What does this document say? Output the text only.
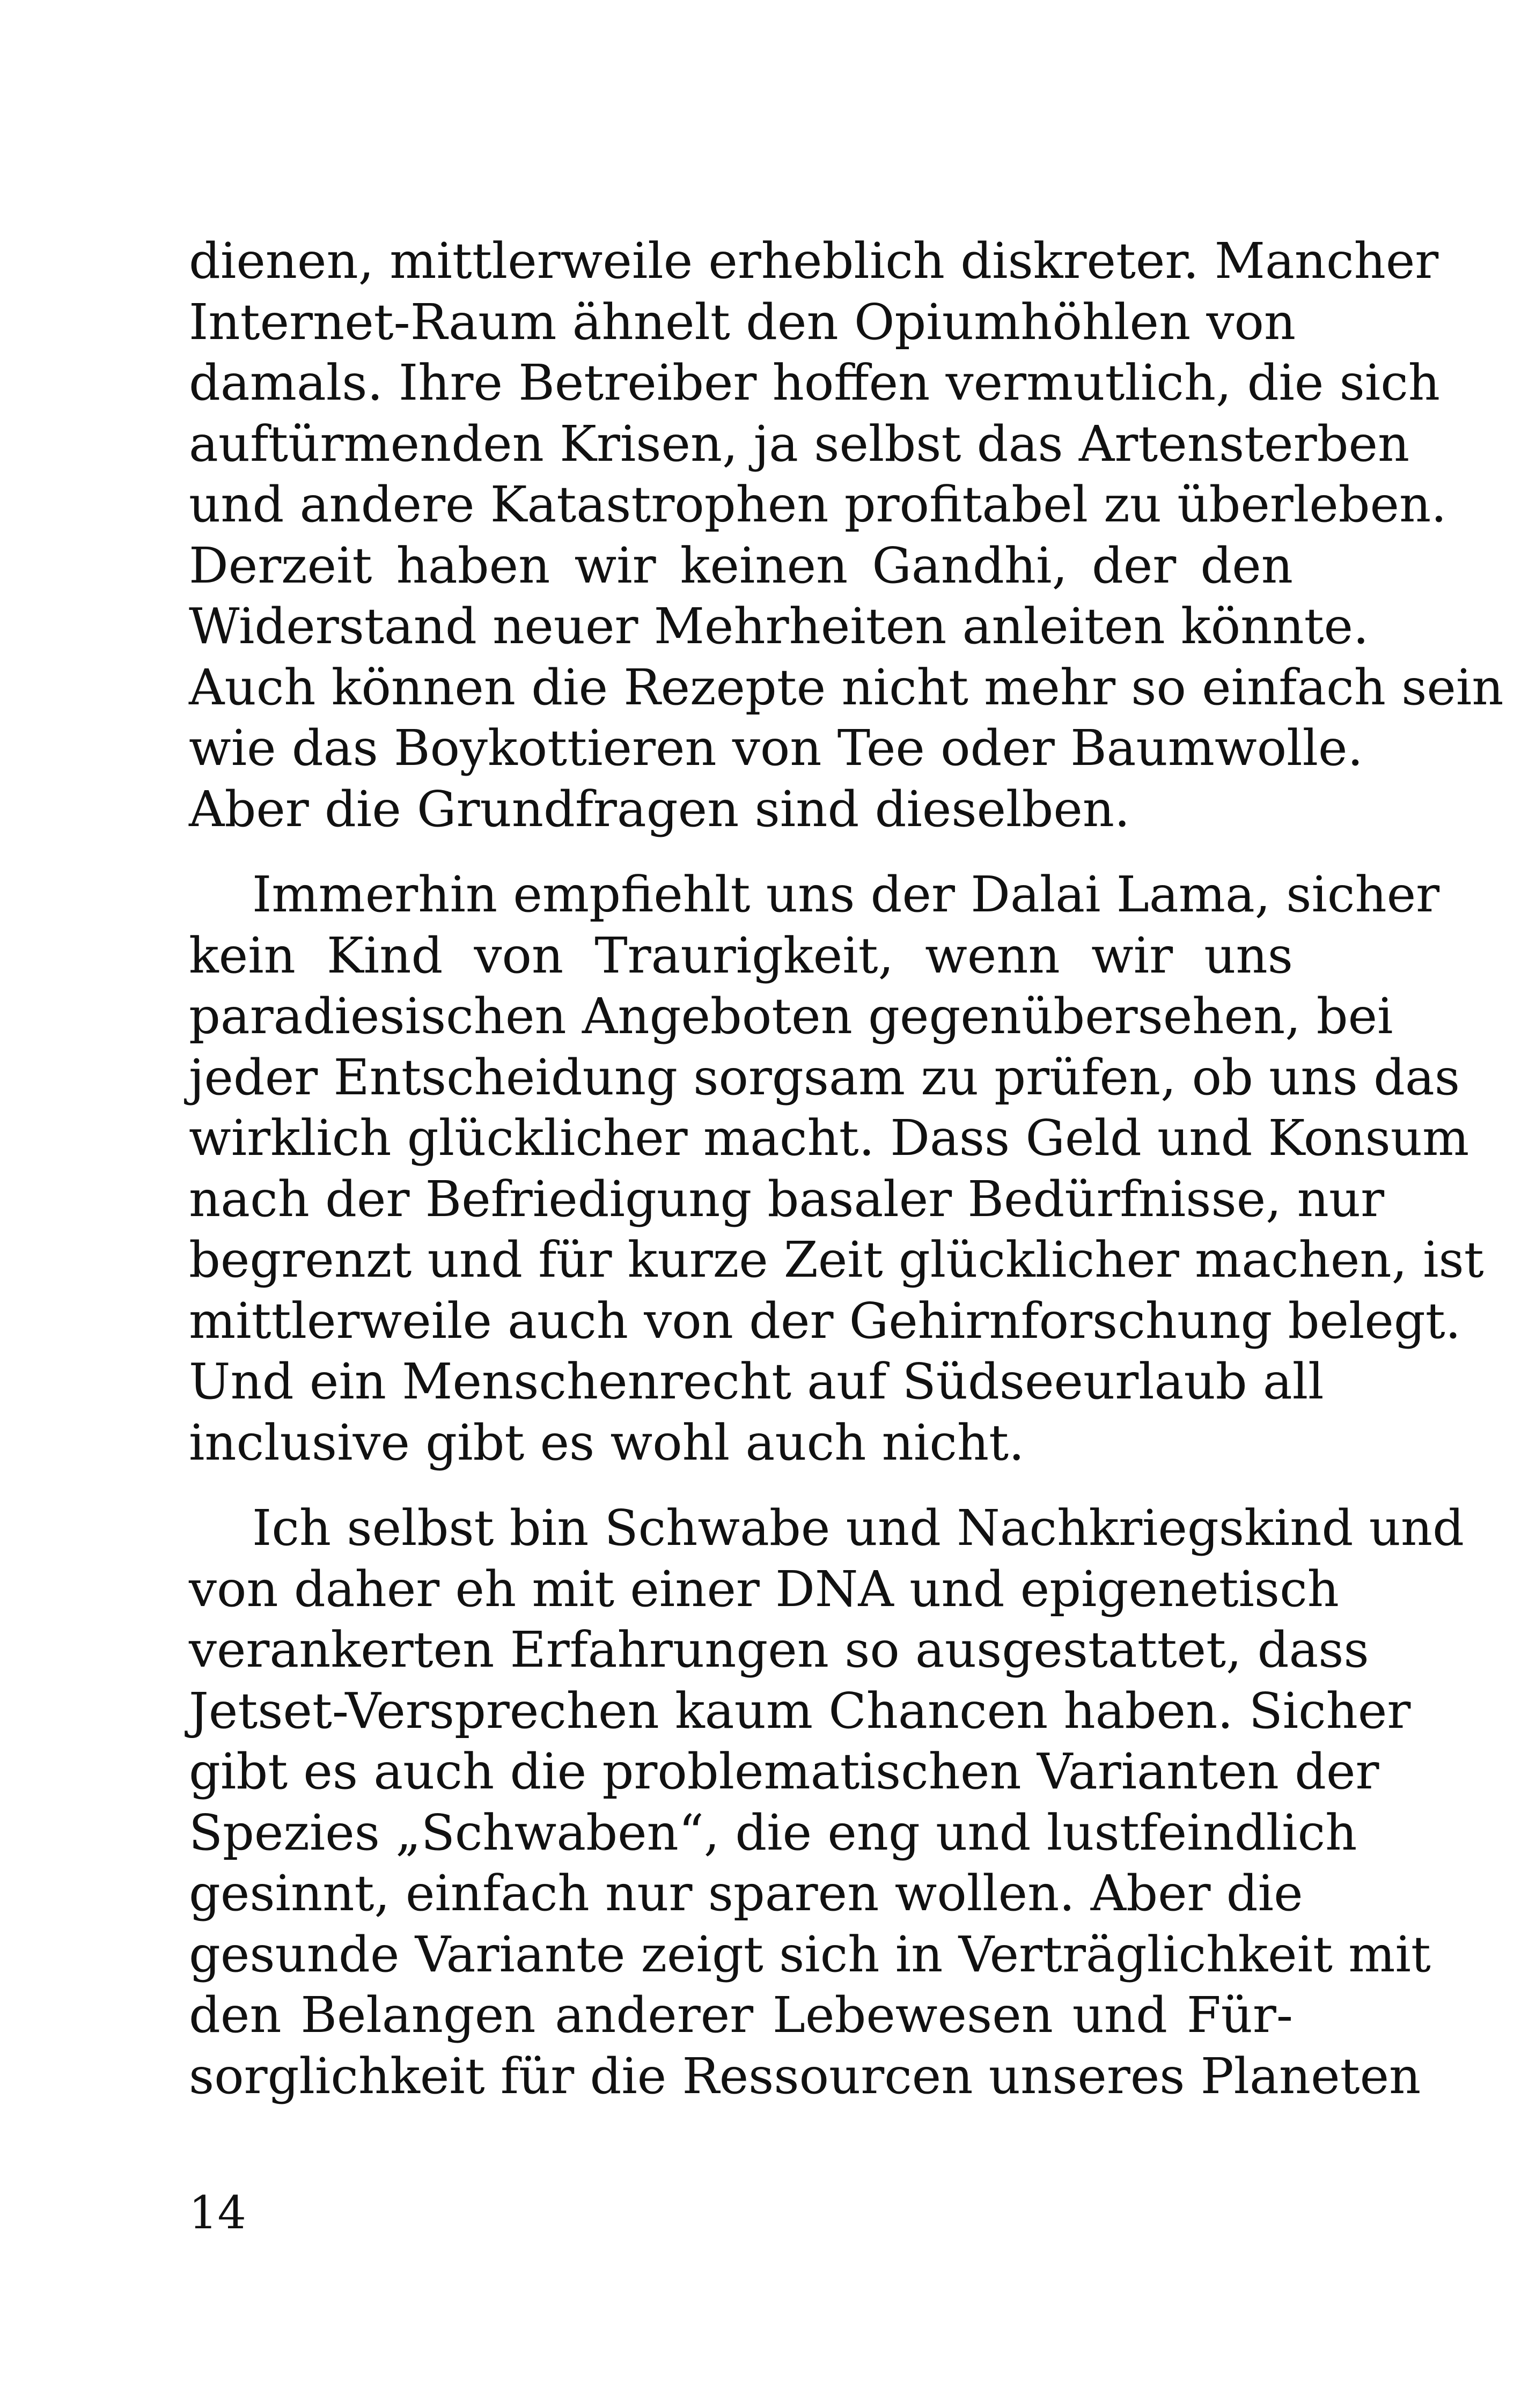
dienen, mittlerweile erheblich diskreter. Mancher
Internet-Raum ähnelt den Opiumhöhlen von
damals. Ihre Betreiber hoffen vermutlich, die sich
auftürmenden Krisen, ja selbst das Artensterben
und andere Katastrophen profitabel zu überleben.
Derzeit haben wir keinen Gandhi, der den
Widerstand neuer Mehrheiten anleiten könnte.
Auch können die Rezepte nicht mehr so einfach sein
wie das Boykottieren von Tee oder Baumwolle.
Aber die Grundfragen sind dieselben.

Immerhin empfiehlt uns der Dalai Lama, sicher
kein Kind von Traurigkeit, wenn wir uns
paradiesischen Angeboten gegenübersehen, bei
jeder Entscheidung sorgsam zu prüfen, ob uns das
wirklich glücklicher macht. Dass Geld und Konsum
nach der Befriedigung basaler Bedürfnisse, nur
begrenzt und für kurze Zeit glücklicher machen, ist
mittlerweile auch von der Gehirnforschung belegt.
Und ein Menschenrecht auf Südseeurlaub all
inclusive gibt es wohl auch nicht.

Ich selbst bin Schwabe und Nachkriegskind und
von daher eh mit einer DNA und epigenetisch
verankerten Erfahrungen so ausgestattet, dass
Jetset-Versprechen kaum Chancen haben. Sicher
gibt es auch die problematischen Varianten der
Spezies „Schwaben“, die eng und lustfeindlich
gesinnt, einfach nur sparen wollen. Aber die
gesunde Variante zeigt sich in Verträglichkeit mit
den Belangen anderer Lebewesen und Für-
sorglichkeit für die Ressourcen unseres Planeten

14
